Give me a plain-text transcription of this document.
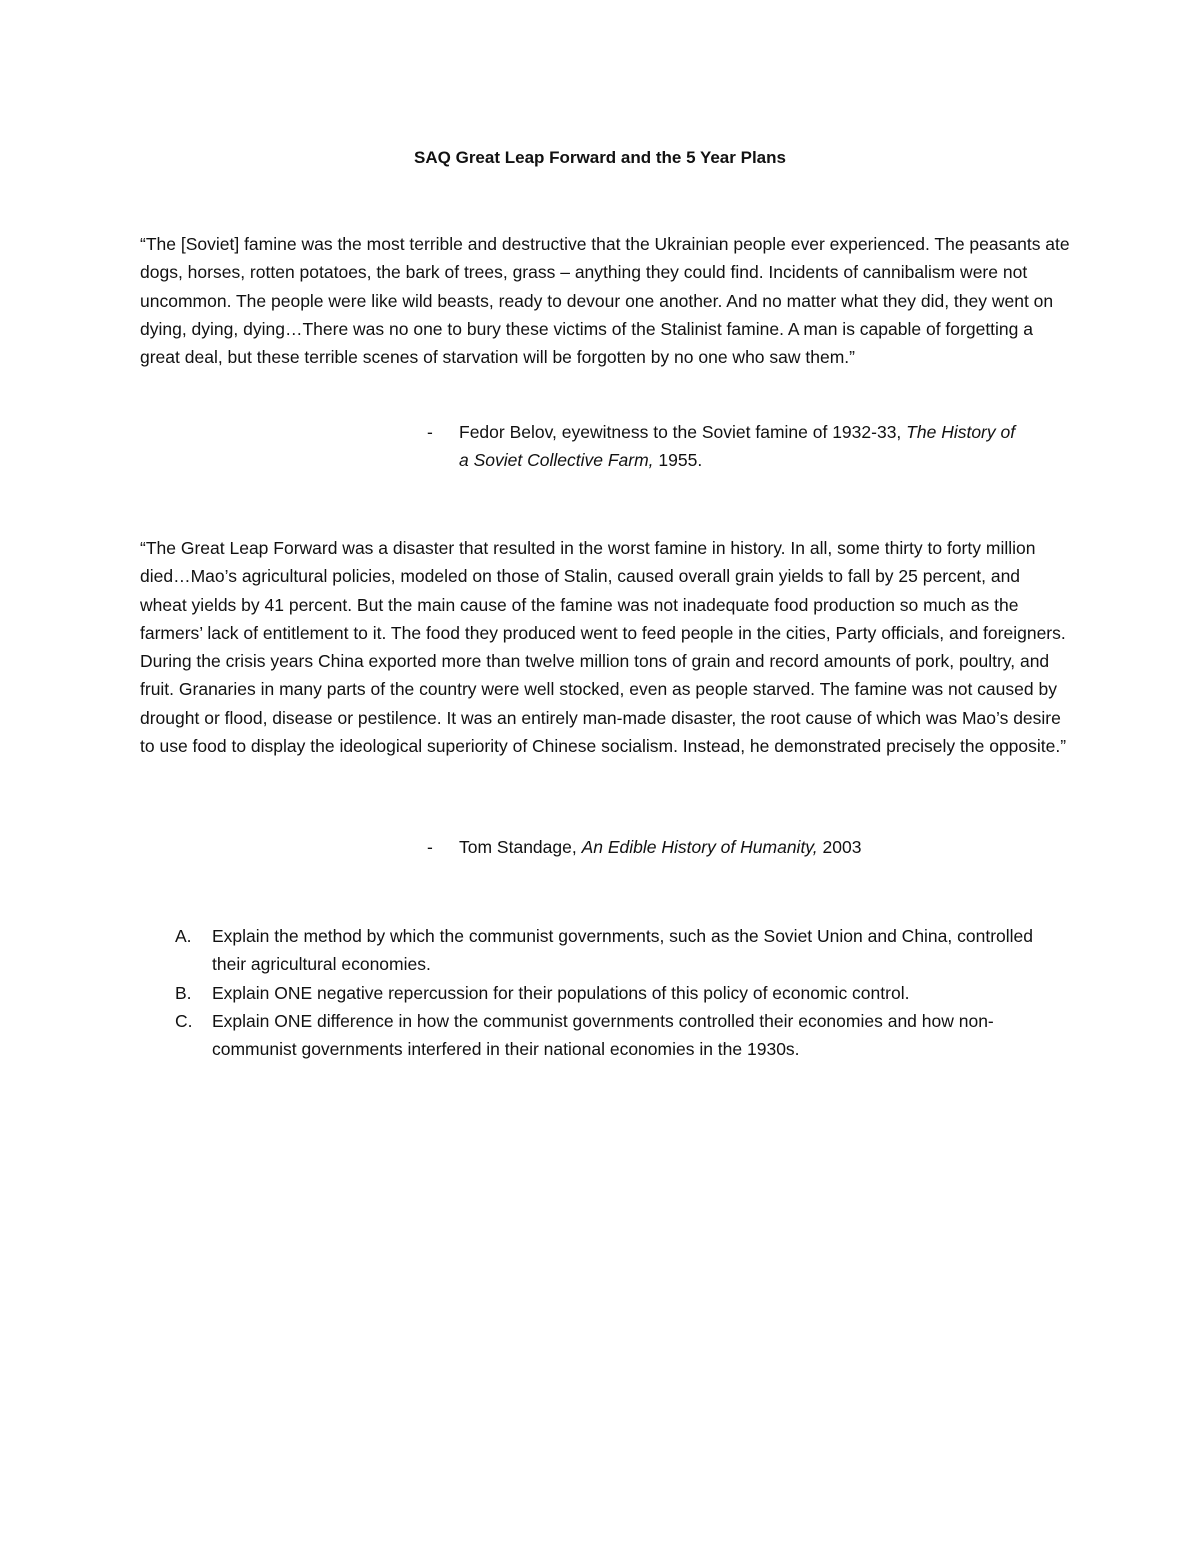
SAQ Great Leap Forward and the 5 Year Plans

“The [Soviet] famine was the most terrible and destructive that the Ukrainian people ever experienced. The peasants ate dogs, horses, rotten potatoes, the bark of trees, grass – anything they could find. Incidents of cannibalism were not uncommon. The people were like wild beasts, ready to devour one another. And no matter what they did, they went on dying, dying, dying…There was no one to bury these victims of the Stalinist famine. A man is capable of forgetting a great deal, but these terrible scenes of starvation will be forgotten by no one who saw them.”

- Fedor Belov, eyewitness to the Soviet famine of 1932-33, The History of a Soviet Collective Farm, 1955.

“The Great Leap Forward was a disaster that resulted in the worst famine in history. In all, some thirty to forty million died…Mao’s agricultural policies, modeled on those of Stalin, caused overall grain yields to fall by 25 percent, and wheat yields by 41 percent. But the main cause of the famine was not inadequate food production so much as the farmers’ lack of entitlement to it. The food they produced went to feed people in the cities, Party officials, and foreigners. During the crisis years China exported more than twelve million tons of grain and record amounts of pork, poultry, and fruit. Granaries in many parts of the country were well stocked, even as people starved. The famine was not caused by drought or flood, disease or pestilence. It was an entirely man-made disaster, the root cause of which was Mao’s desire to use food to display the ideological superiority of Chinese socialism. Instead, he demonstrated precisely the opposite.”

- Tom Standage, An Edible History of Humanity, 2003

A. Explain the method by which the communist governments, such as the Soviet Union and China, controlled their agricultural economies.
B. Explain ONE negative repercussion for their populations of this policy of economic control.
C. Explain ONE difference in how the communist governments controlled their economies and how non-communist governments interfered in their national economies in the 1930s.
